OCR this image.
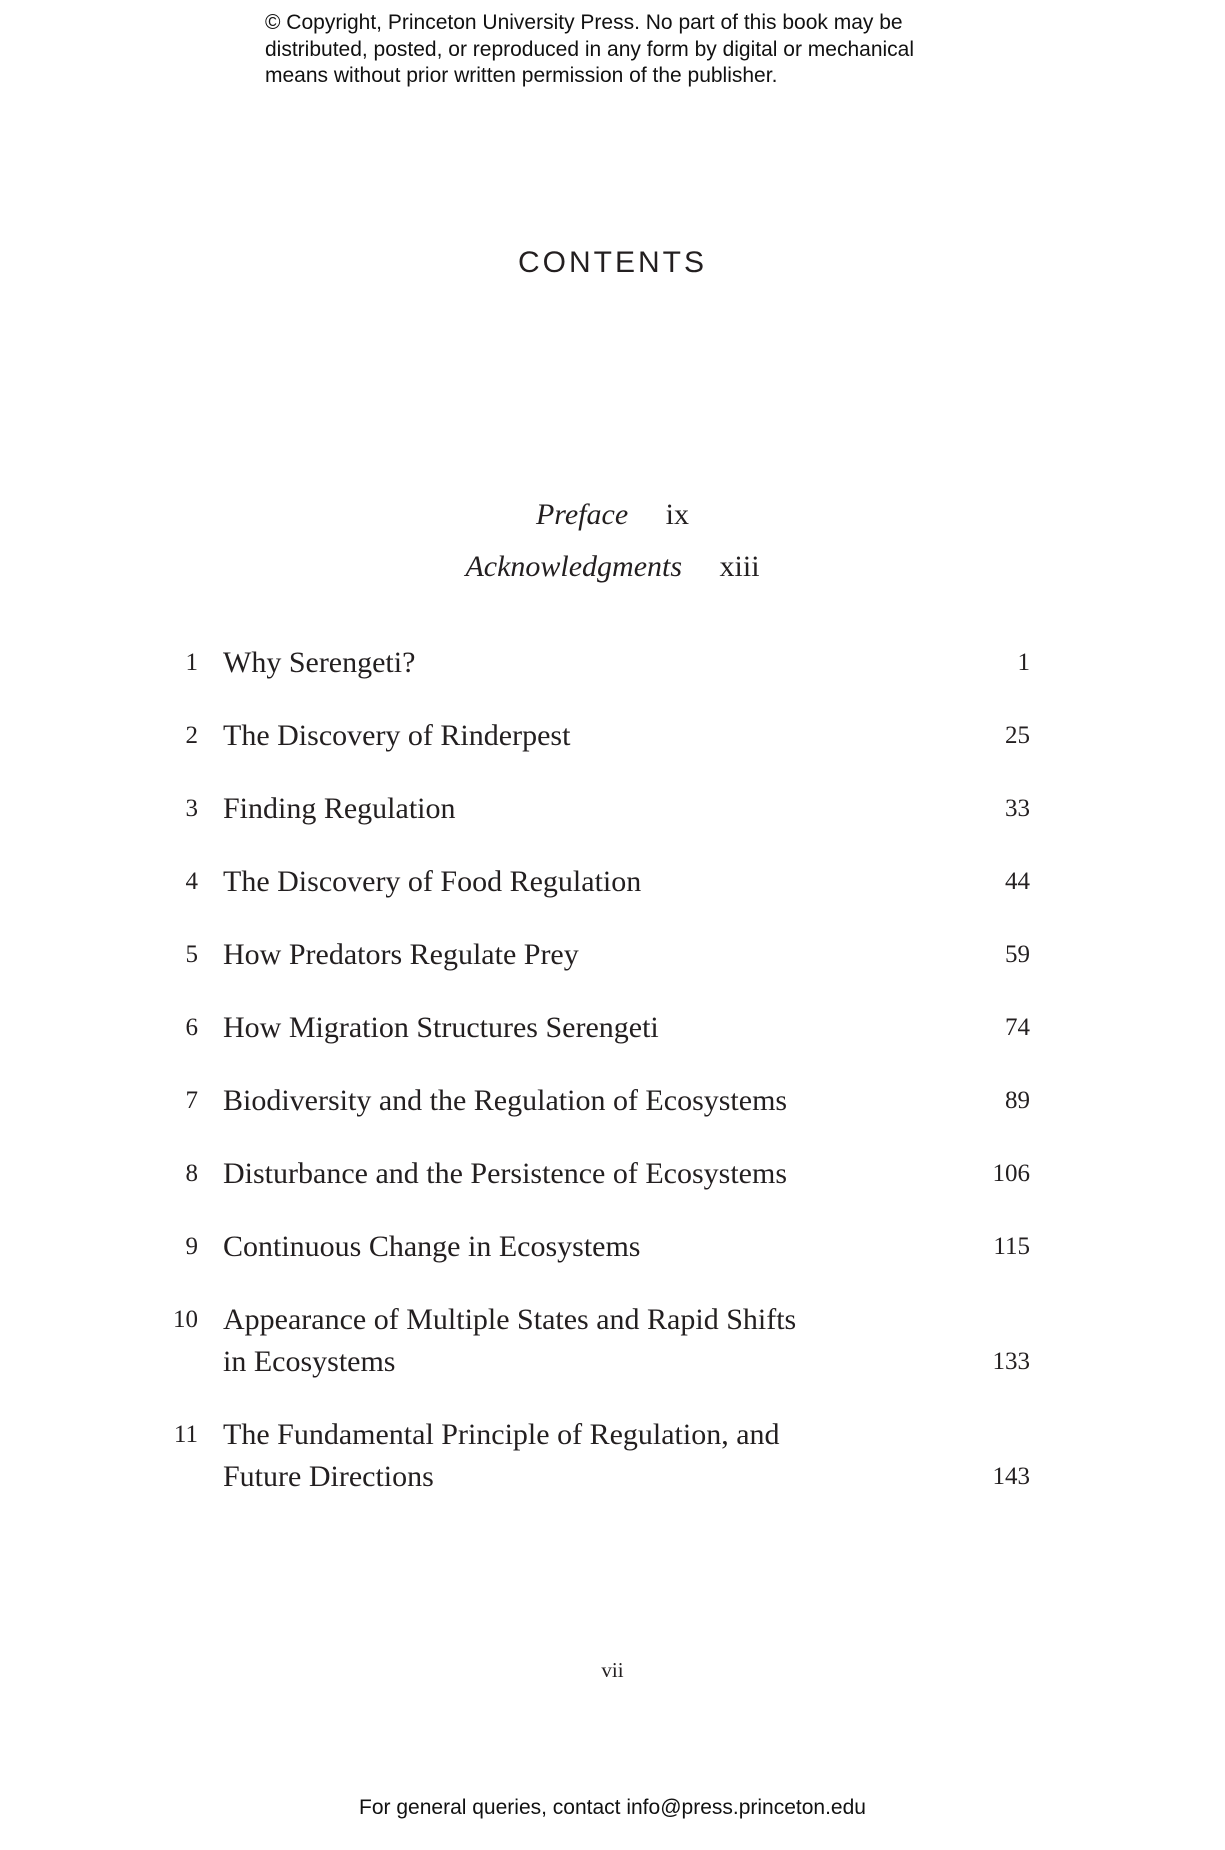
© Copyright, Princeton University Press. No part of this book may be
distributed, posted, or reproduced in any form by digital or mechanical
means without prior written permission of the publisher.
CONTENTS
Preface ix
Acknowledgments xiii
1 Why Serengeti?	1
2 The Discovery of Rinderpest	25
3 Finding Regulation	33
4 The Discovery of Food Regulation	44
5 How Predators Regulate Prey	59
6 How Migration Structures Serengeti	74
7 Biodiversity and the Regulation of Ecosystems	89
8 Disturbance and the Persistence of Ecosystems	106
9 Continuous Change in Ecosystems	115
10 Appearance of Multiple States and Rapid Shifts
in Ecosystems	133
11 The Fundamental Principle of Regulation, and
Future Directions	143
vii
For general queries, contact info@press.princeton.edu
